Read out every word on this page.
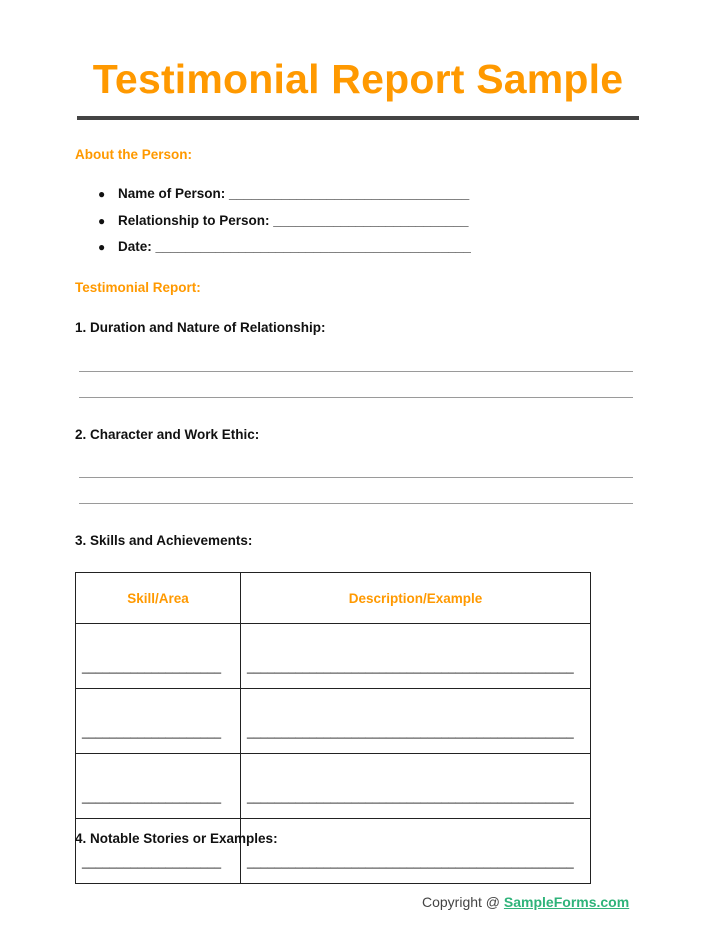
Testimonial Report Sample
About the Person:
● Name of Person: ________________________________
● Relationship to Person: __________________________
● Date: __________________________________________
Testimonial Report:
1. Duration and Nature of Relationship:
2. Character and Work Ethic:
3. Skills and Achievements:
Skill/Area	Description/Example
____________________	_______________________________________________
____________________	_______________________________________________
____________________	_______________________________________________
____________________	_______________________________________________
4. Notable Stories or Examples:
Copyright @ SampleForms.com
